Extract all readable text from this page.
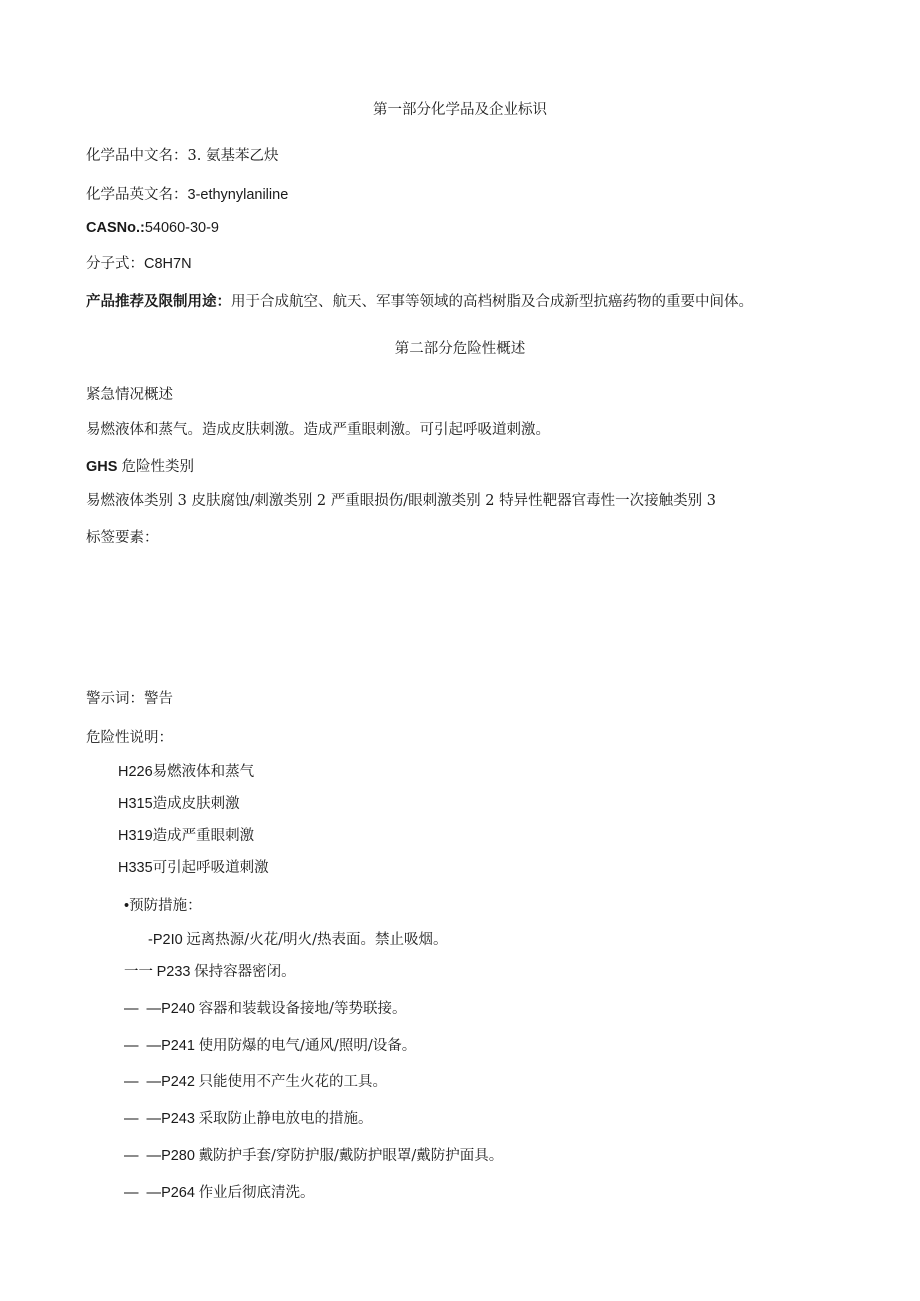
第一部分化学品及企业标识
化学品中文名：3. 氨基苯乙炔
化学品英文名：3-ethynylaniline
CASNo.:54060-30-9
分子式：C8H7N
产品推荐及限制用途：用于合成航空、航天、军事等领域的高档树脂及合成新型抗癌药物的重要中间体。
第二部分危险性概述
紧急情况概述
易燃液体和蒸气。造成皮肤刺激。造成严重眼刺激。可引起呼吸道刺激。
GHS 危险性类别
易燃液体类别 3 皮肤腐蚀/刺激类别 2 严重眼损伤/眼刺激类别 2 特异性靶器官毒性一次接触类别 3
标签要素：
警示词：警告
危险性说明：
H226易燃液体和蒸气
H315造成皮肤刺激
H319造成严重眼刺激
H335可引起呼吸道刺激
•预防措施：
-P2I0 远离热源/火花/明火/热表面。禁止吸烟。
一一 P233 保持容器密闭。
—  —P240 容器和装载设备接地/等势联接。
—  —P241 使用防爆的电气/通风/照明/设备。
—  —P242 只能使用不产生火花的工具。
—  —P243 采取防止静电放电的措施。
—  —P280 戴防护手套/穿防护服/戴防护眼罩/戴防护面具。
—  —P264 作业后彻底清洗。
